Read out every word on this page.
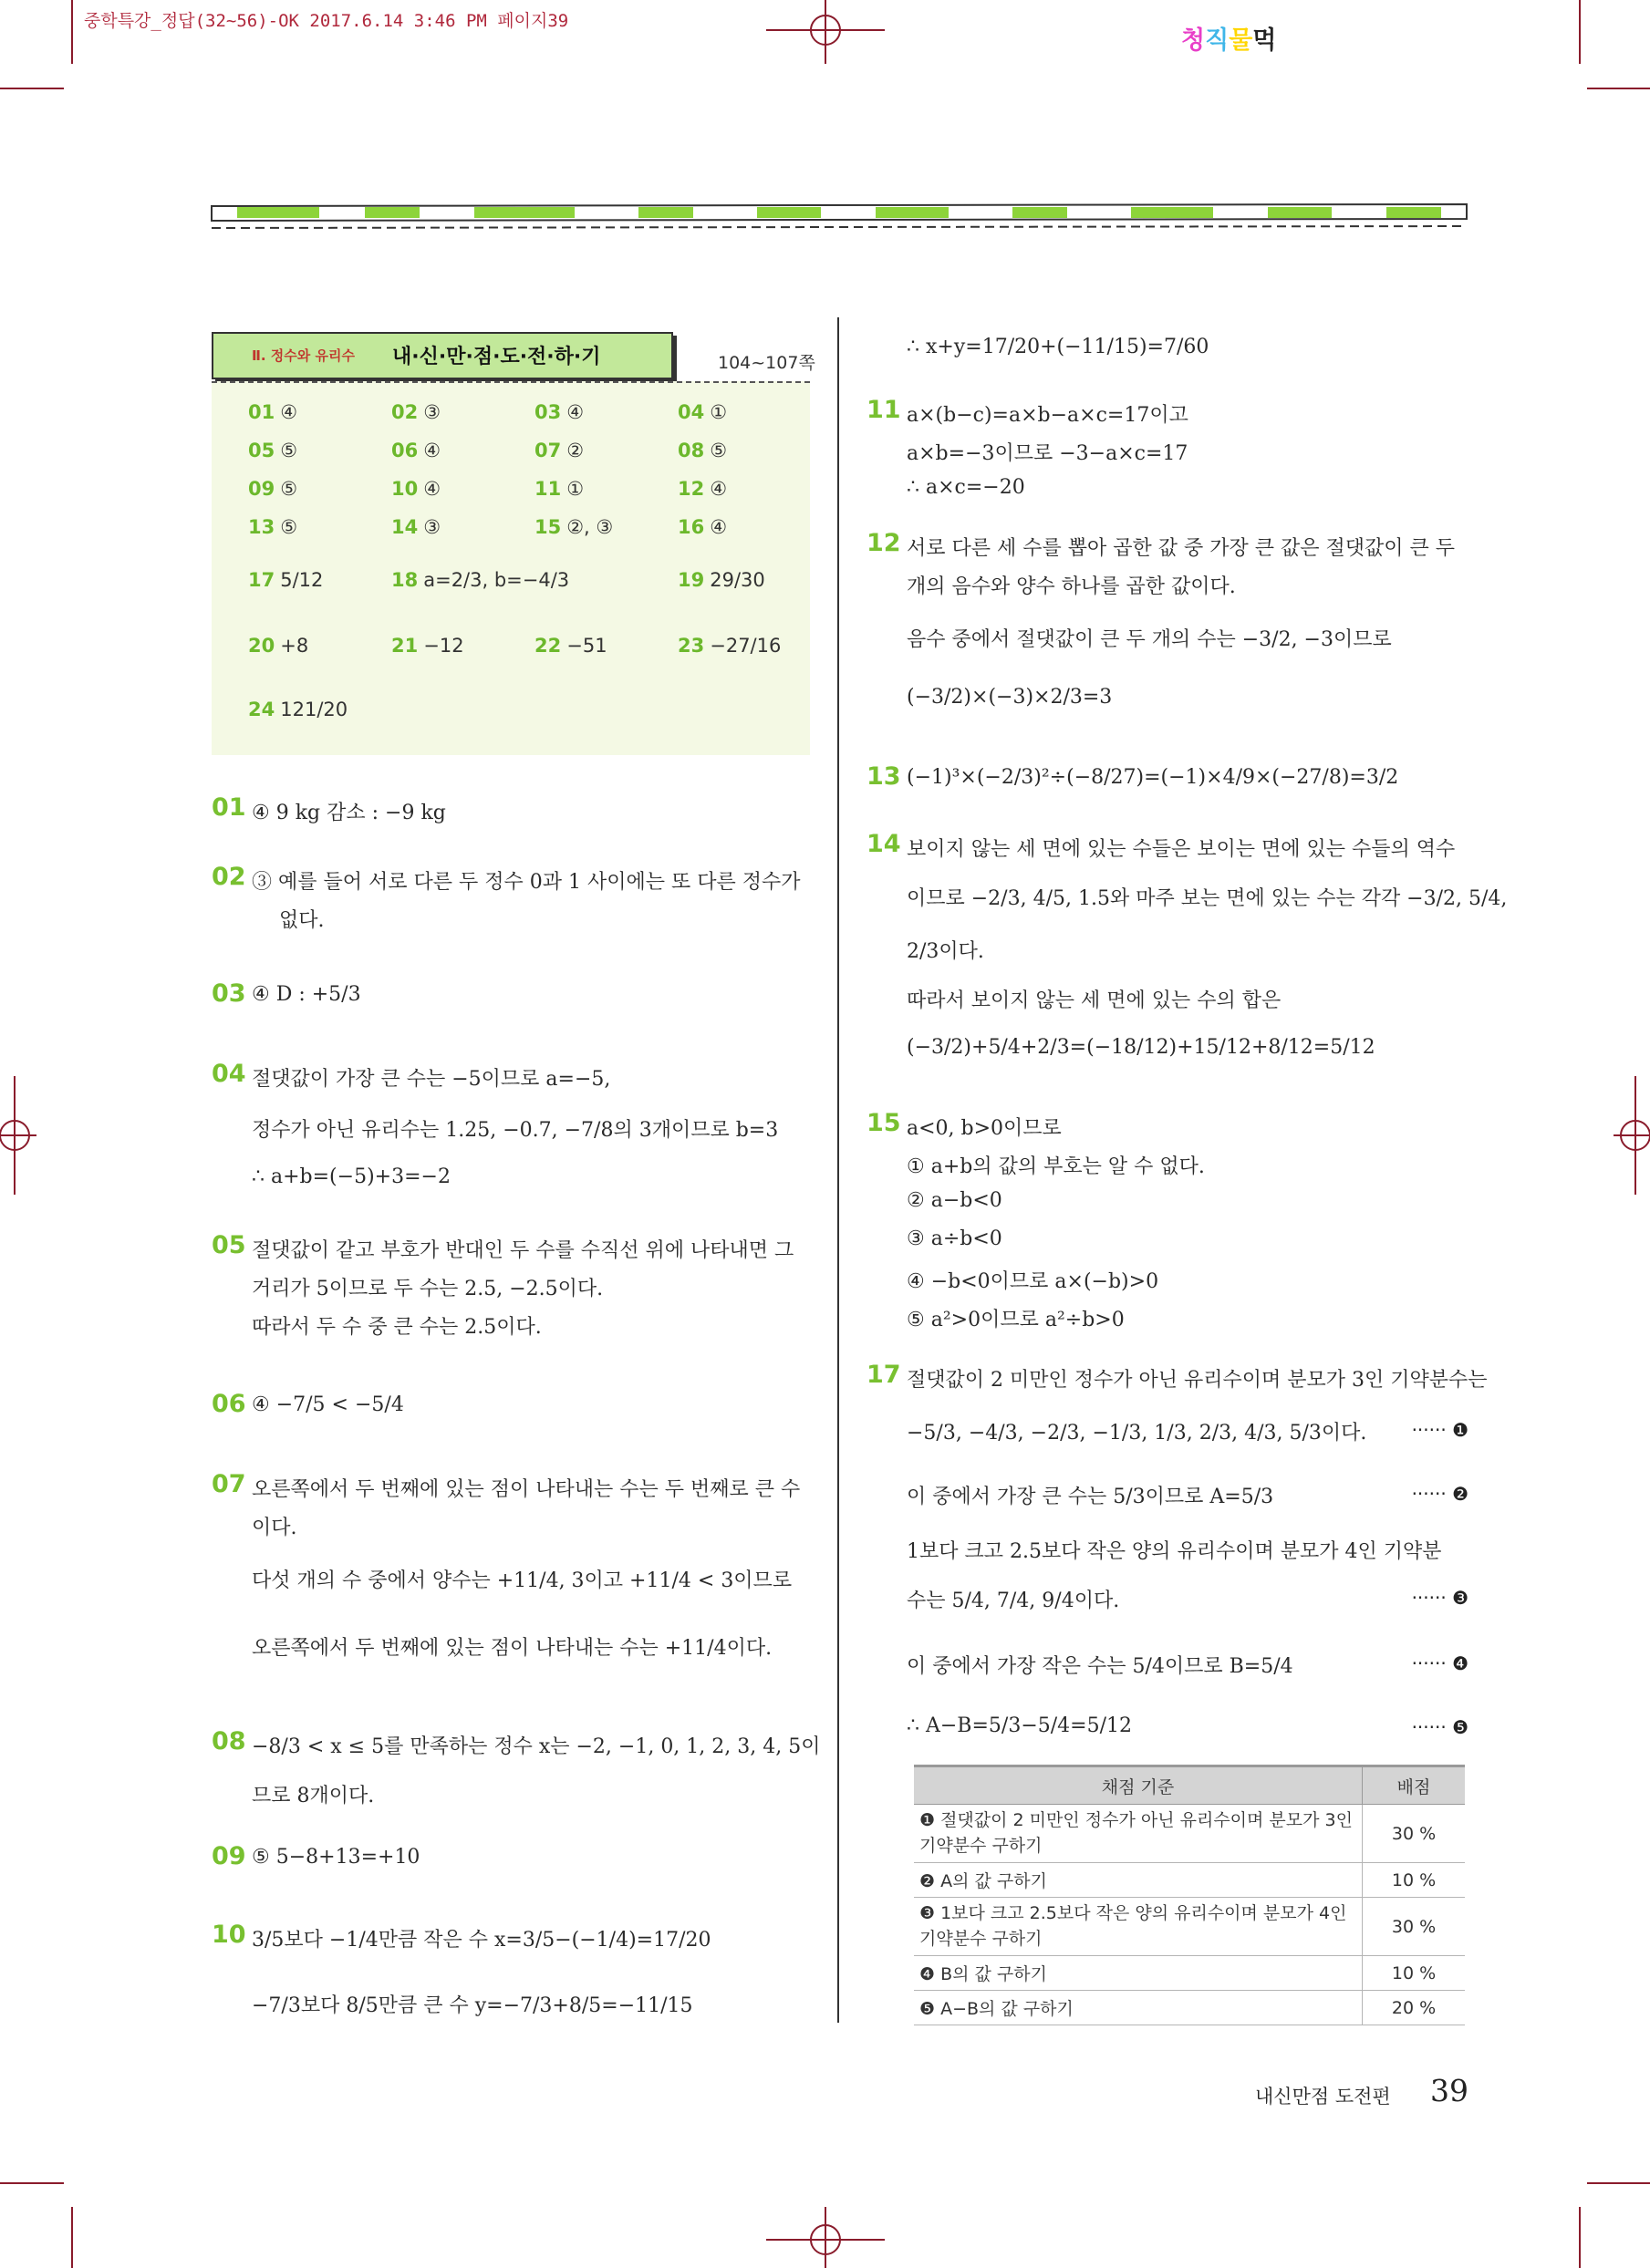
중학특강_정답(32~56)-OK 2017.6.14 3:46 PM 페이지39
청직물먹
Ⅱ. 정수와 유리수 내·신·만·점·도·전·하·기	104~107쪽
01 ④	02 ③	03 ④	04 ①
05 ⑤	06 ④	07 ②	08 ⑤
09 ⑤	10 ④	11 ①	12 ④
13 ⑤	14 ③	15 ②, ③	16 ④
17 5/12	18 a=2/3, b=−4/3	19 29/30
20 +8	21 −12	22 −51	23 −27/16
24 121/20
01 ④ 9 kg 감소 : −9 kg
02 ③ 예를 들어 서로 다른 두 정수 0과 1 사이에는 또 다른 정수가
없다.
03 ④ D : +5/3
04 절댓값이 가장 큰 수는 −5이므로 a=−5,
정수가 아닌 유리수는 1.25, −0.7, −7/8의 3개이므로 b=3
∴ a+b=(−5)+3=−2
05 절댓값이 같고 부호가 반대인 두 수를 수직선 위에 나타내면 그
거리가 5이므로 두 수는 2.5, −2.5이다.
따라서 두 수 중 큰 수는 2.5이다.
06 ④ −7/5 < −5/4
07 오른쪽에서 두 번째에 있는 점이 나타내는 수는 두 번째로 큰 수
이다.
다섯 개의 수 중에서 양수는 +11/4, 3이고 +11/4 < 3이므로
오른쪽에서 두 번째에 있는 점이 나타내는 수는 +11/4이다.
08 −8/3 < x ≤ 5를 만족하는 정수 x는 −2, −1, 0, 1, 2, 3, 4, 5이
므로 8개이다.
09 ⑤ 5−8+13=+10
10 3/5보다 −1/4만큼 작은 수 x=3/5−(−1/4)=17/20
−7/3보다 8/5만큼 큰 수 y=−7/3+8/5=−11/15
∴ x+y=17/20+(−11/15)=7/60
11 a×(b−c)=a×b−a×c=17이고
a×b=−3이므로 −3−a×c=17
∴ a×c=−20
12 서로 다른 세 수를 뽑아 곱한 값 중 가장 큰 값은 절댓값이 큰 두
개의 음수와 양수 하나를 곱한 값이다.
음수 중에서 절댓값이 큰 두 개의 수는 −3/2, −3이므로
(−3/2)×(−3)×2/3=3
13 (−1)³×(−2/3)²÷(−8/27)=(−1)×4/9×(−27/8)=3/2
14 보이지 않는 세 면에 있는 수들은 보이는 면에 있는 수들의 역수
이므로 −2/3, 4/5, 1.5와 마주 보는 면에 있는 수는 각각 −3/2, 5/4,
2/3이다.
따라서 보이지 않는 세 면에 있는 수의 합은
(−3/2)+5/4+2/3=(−18/12)+15/12+8/12=5/12
15 a<0, b>0이므로
① a+b의 값의 부호는 알 수 없다.
② a−b<0
③ a÷b<0
④ −b<0이므로 a×(−b)>0
⑤ a²>0이므로 a²÷b>0
17 절댓값이 2 미만인 정수가 아닌 유리수이며 분모가 3인 기약분수는
−5/3, −4/3, −2/3, −1/3, 1/3, 2/3, 4/3, 5/3이다. ······ ❶
이 중에서 가장 큰 수는 5/3이므로 A=5/3	······ ❷
1보다 크고 2.5보다 작은 양의 유리수이며 분모가 4인 기약분
수는 5/4, 7/4, 9/4이다.	······ ❸
이 중에서 가장 작은 수는 5/4이므로 B=5/4	······ ❹
∴ A−B=5/3−5/4=5/12	······ ❺
채점 기준	배점
❶ 절댓값이 2 미만인 정수가 아닌 유리수이며 분모가 3인 기약분수 구하기	30 %
❷ A의 값 구하기	10 %
❸ 1보다 크고 2.5보다 작은 양의 유리수이며 분모가 4인 기약분수 구하기	30 %
❹ B의 값 구하기	10 %
❺ A−B의 값 구하기	20 %
내신만점 도전편 39
